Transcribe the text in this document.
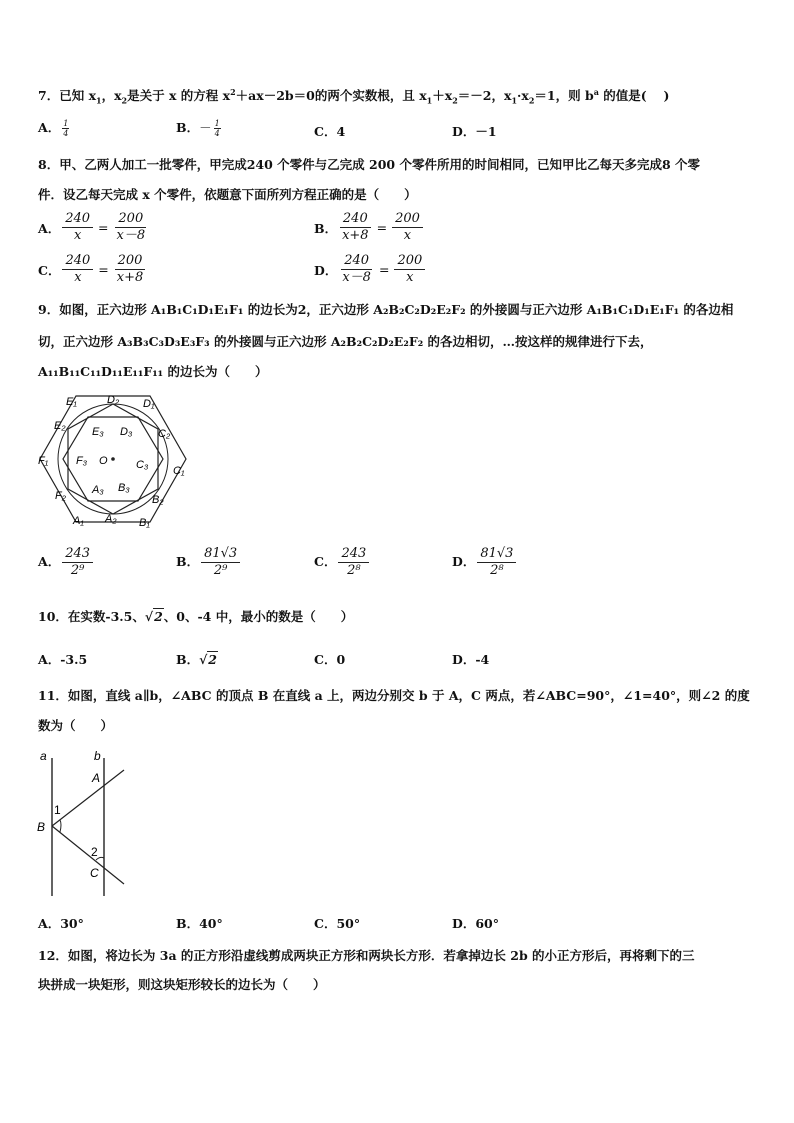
7．已知 $x_1$，$x_2$是关于 x 的方程 $x^2+ax-2b=0$的两个实数根，且 $x_1+x_2=-2$，$x_1\cdot x_2=1$，则 $b^a$ 的值是(　 )
A． $\frac{1}{4}$	B．－ $\frac{1}{4}$	C．4	D．－1
8．甲、乙两人加工一批零件，甲完成240 个零件与乙完成 200 个零件所用的时间相同，已知甲比乙每天多完成8 个零
件．设乙每天完成 x 个零件，依题意下面所列方程正确的是（　　）
A． $\frac{240}{x} = \frac{200}{x-8}$	B． $\frac{240}{x+8} = \frac{200}{x}$
C． $\frac{240}{x} = \frac{200}{x+8}$	D． $\frac{240}{x-8} = \frac{200}{x}$
9．如图，正六边形 A₁B₁C₁D₁E₁F₁ 的边长为2，正六边形 A₂B₂C₂D₂E₂F₂ 的外接圆与正六边形 A₁B₁C₁D₁E₁F₁ 的各边相
切，正六边形 A₃B₃C₃D₃E₃F₃ 的外接圆与正六边形 A₂B₂C₂D₂E₂F₂ 的各边相切，…按这样的规律进行下去，
A₁₁B₁₁C₁₁D₁₁E₁₁F₁₁ 的边长为（　　）
E₁	D₂ D₁
E₂ E₃ D₃ C₂
F₁	F₃ O	C₃ C₁
F₂ A₃ B₃
B₂
A₁ A₂ B₁
A． $\frac{243}{\text{2⁹}}$	B． $\frac{81√3}{\text{2⁹}}$	C． $\frac{243}{\text{2⁸}}$	D． $\frac{81√3}{\text{2⁸}}$
10．在实数-3.5、√2、0、-4 中，最小的数是（　　）
A．-3.5	B．√2	C．0	D．-4
11．如图，直线 a∥b，∠ABC 的顶点 B 在直线 a 上，两边分别交 b 于 A，C 两点，若∠ABC=90°，∠1=40°，则∠2 的度
数为（　　）
a	b
A
1
B
2
C
A．30°	B．40°	C．50°	D．60°
12．如图，将边长为 3a 的正方形沿虚线剪成两块正方形和两块长方形．若拿掉边长 2b 的小正方形后，再将剩下的三
块拼成一块矩形，则这块矩形较长的边长为（　　）
